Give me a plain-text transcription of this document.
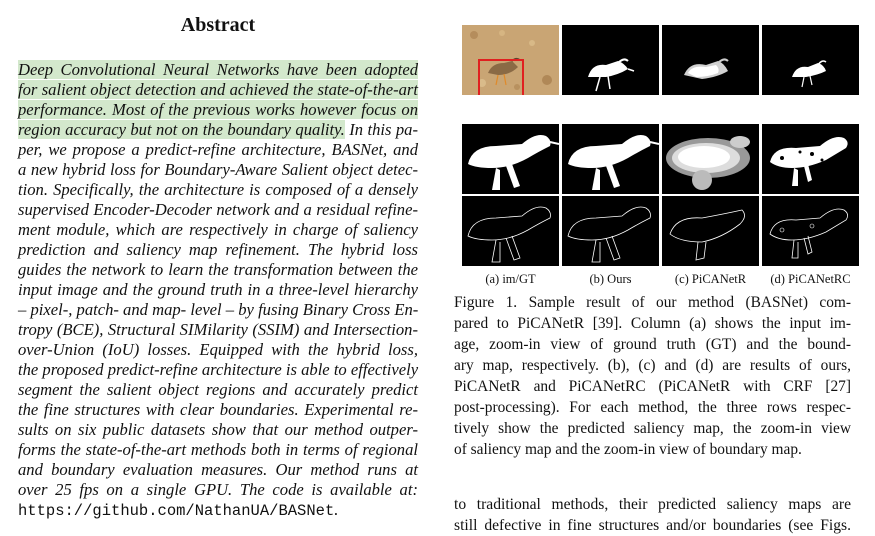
Abstract
Deep Convolutional Neural Networks have been adopted
for salient object detection and achieved the state-of-the-art
performance. Most of the previous works however focus on
region accuracy but not on the boundary quality. In this pa-
per, we propose a predict-refine architecture, BASNet, and
a new hybrid loss for Boundary-Aware Salient object detec-
tion. Specifically, the architecture is composed of a densely
supervised Encoder-Decoder network and a residual refine-
ment module, which are respectively in charge of saliency
prediction and saliency map refinement. The hybrid loss
guides the network to learn the transformation between the
input image and the ground truth in a three-level hierarchy
– pixel-, patch- and map- level – by fusing Binary Cross En-
tropy (BCE), Structural SIMilarity (SSIM) and Intersection-
over-Union (IoU) losses. Equipped with the hybrid loss,
the proposed predict-refine architecture is able to effectively
segment the salient object regions and accurately predict
the fine structures with clear boundaries. Experimental re-
sults on six public datasets show that our method outper-
forms the state-of-the-art methods both in terms of regional
and boundary evaluation measures. Our method runs at
over 25 fps on a single GPU. The code is available at:
https://github.com/NathanUA/BASNet.
(a) im/GT	(b) Ours	(c) PiCANetR	(d) PiCANetRC
Figure 1. Sample result of our method (BASNet) com-
pared to PiCANetR [39]. Column (a) shows the input im-
age, zoom-in view of ground truth (GT) and the bound-
ary map, respectively. (b), (c) and (d) are results of ours,
PiCANetR and PiCANetRC (PiCANetR with CRF [27]
post-processing). For each method, the three rows respec-
tively show the predicted saliency map, the zoom-in view
of saliency map and the zoom-in view of boundary map.
to traditional methods, their predicted saliency maps are
still defective in fine structures and/or boundaries (see Figs.
